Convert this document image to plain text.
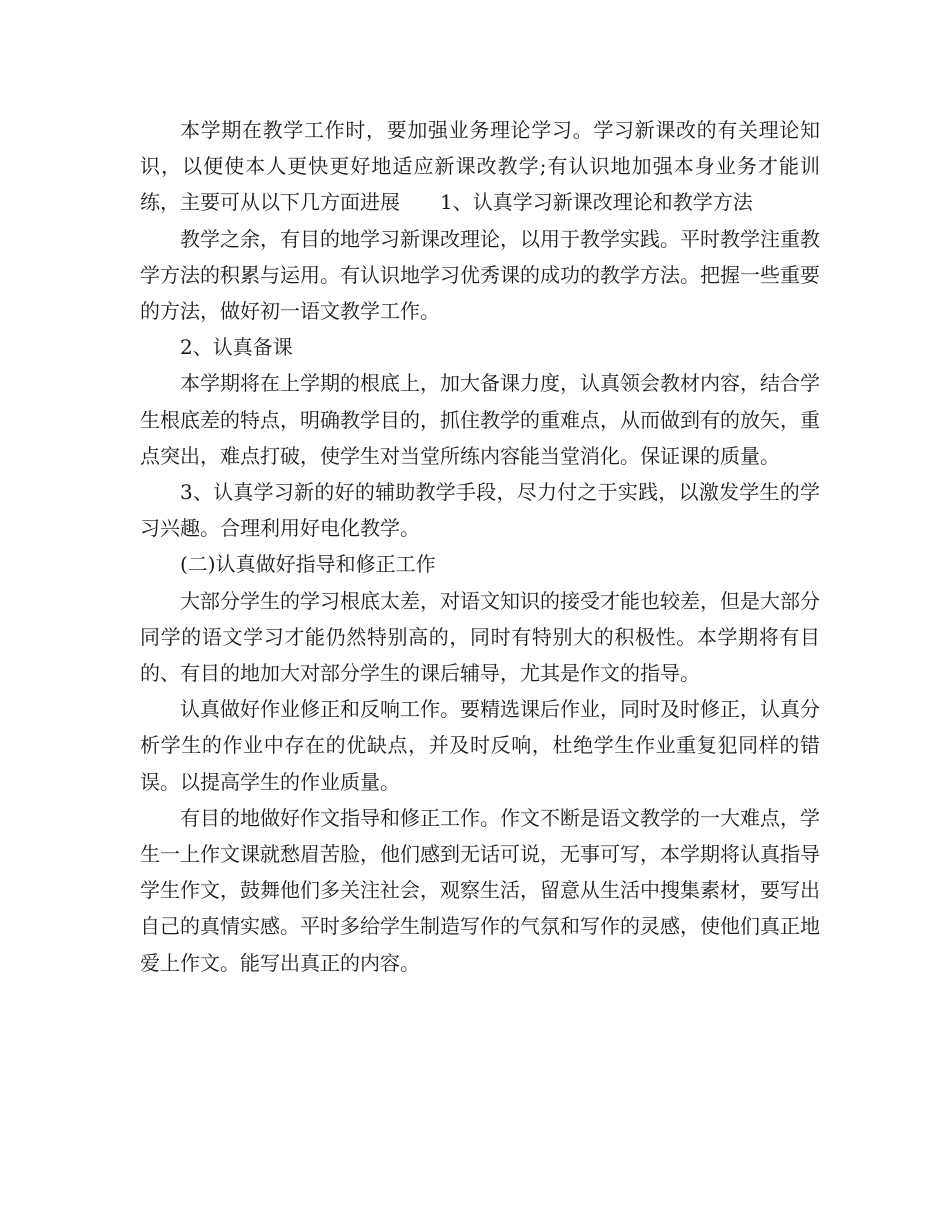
本学期在教学工作时，要加强业务理论学习。学习新课改的有关理论知识，以便使本人更快更好地适应新课改教学;有认识地加强本身业务才能训练，主要可从以下几方面进展　　1、认真学习新课改理论和教学方法

教学之余，有目的地学习新课改理论，以用于教学实践。平时教学注重教学方法的积累与运用。有认识地学习优秀课的成功的教学方法。把握一些重要的方法，做好初一语文教学工作。

2、认真备课

本学期将在上学期的根底上，加大备课力度，认真领会教材内容，结合学生根底差的特点，明确教学目的，抓住教学的重难点，从而做到有的放矢，重点突出，难点打破，使学生对当堂所练内容能当堂消化。保证课的质量。

3、认真学习新的好的辅助教学手段，尽力付之于实践，以激发学生的学习兴趣。合理利用好电化教学。

(二)认真做好指导和修正工作

大部分学生的学习根底太差，对语文知识的接受才能也较差，但是大部分同学的语文学习才能仍然特别高的，同时有特别大的积极性。本学期将有目的、有目的地加大对部分学生的课后辅导，尤其是作文的指导。

认真做好作业修正和反响工作。要精选课后作业，同时及时修正，认真分析学生的作业中存在的优缺点，并及时反响，杜绝学生作业重复犯同样的错误。以提高学生的作业质量。

有目的地做好作文指导和修正工作。作文不断是语文教学的一大难点，学生一上作文课就愁眉苦脸，他们感到无话可说，无事可写，本学期将认真指导学生作文，鼓舞他们多关注社会，观察生活，留意从生活中搜集素材，要写出自己的真情实感。平时多给学生制造写作的气氛和写作的灵感，使他们真正地爱上作文。能写出真正的内容。
